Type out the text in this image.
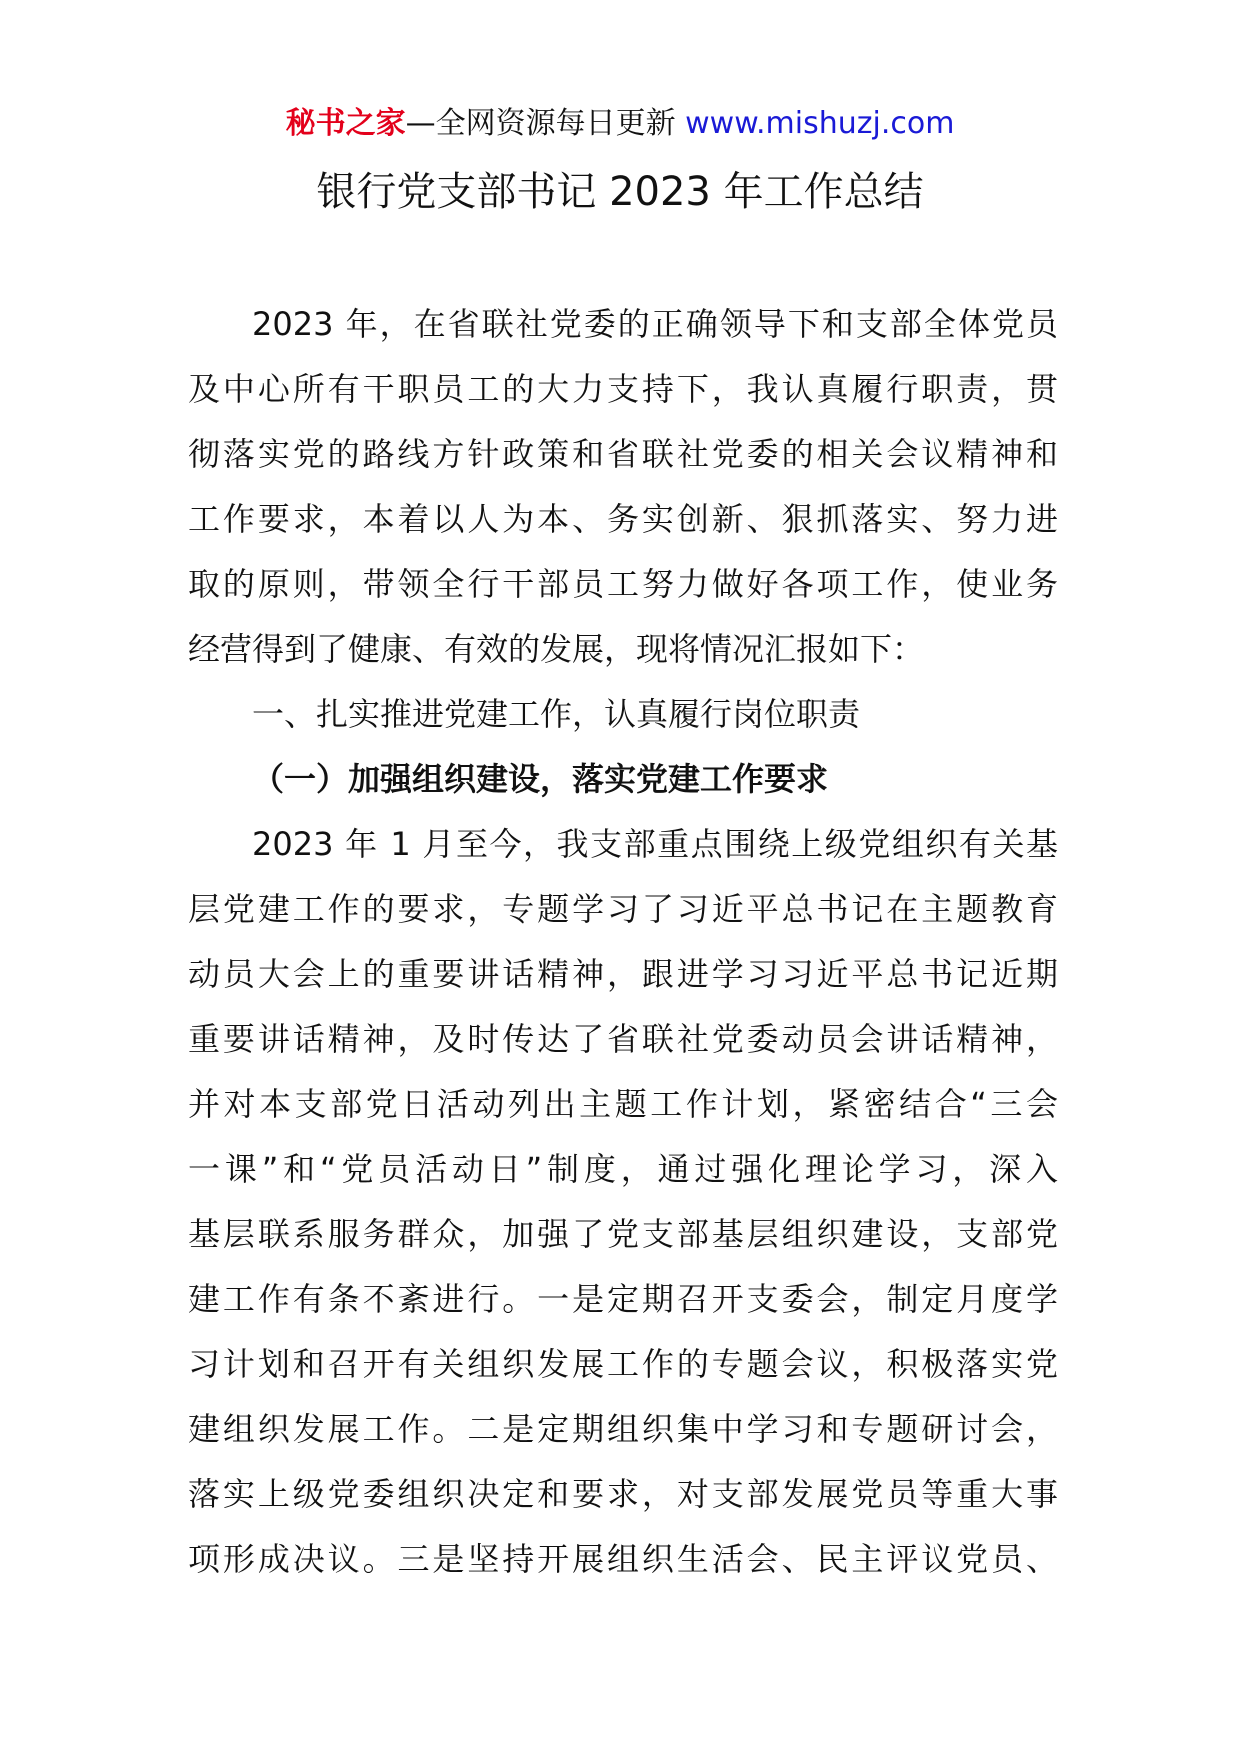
秘书之家—全网资源每日更新 www.mishuzj.com
银行党支部书记 2023 年工作总结
2023 年，在省联社党委的正确领导下和支部全体党员
及中心所有干职员工的大力支持下，我认真履行职责，贯
彻落实党的路线方针政策和省联社党委的相关会议精神和
工作要求，本着以人为本、务实创新、狠抓落实、努力进
取的原则，带领全行干部员工努力做好各项工作，使业务
经营得到了健康、有效的发展，现将情况汇报如下：
一、扎实推进党建工作，认真履行岗位职责
（一）加强组织建设，落实党建工作要求
2023 年 1 月至今，我支部重点围绕上级党组织有关基
层党建工作的要求，专题学习了习近平总书记在主题教育
动员大会上的重要讲话精神，跟进学习习近平总书记近期
重要讲话精神，及时传达了省联社党委动员会讲话精神，
并对本支部党日活动列出主题工作计划，紧密结合“三会
一课”和“党员活动日”制度，通过强化理论学习，深入
基层联系服务群众，加强了党支部基层组织建设，支部党
建工作有条不紊进行。一是定期召开支委会，制定月度学
习计划和召开有关组织发展工作的专题会议，积极落实党
建组织发展工作。二是定期组织集中学习和专题研讨会，
落实上级党委组织决定和要求，对支部发展党员等重大事
项形成决议。三是坚持开展组织生活会、民主评议党员、
